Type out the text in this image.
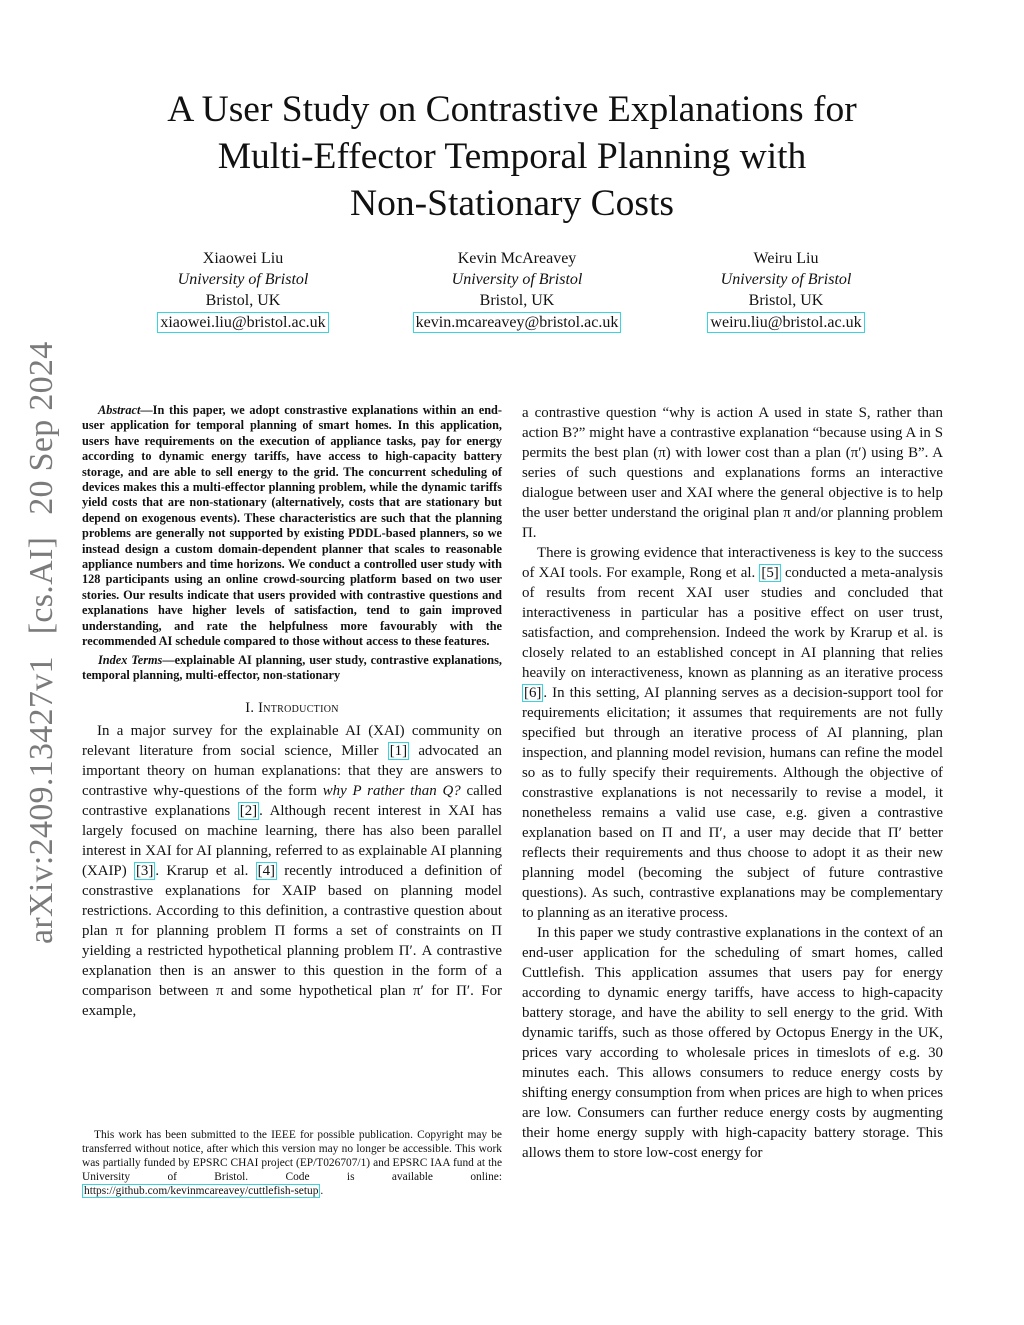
A User Study on Contrastive Explanations for
Multi-Effector Temporal Planning with
Non-Stationary Costs
Xiaowei Liu
University of Bristol
Bristol, UK
xiaowei.liu@bristol.ac.uk
Kevin McAreavey
University of Bristol
Bristol, UK
kevin.mcareavey@bristol.ac.uk
Weiru Liu
University of Bristol
Bristol, UK
weiru.liu@bristol.ac.uk
arXiv:2409.13427v1[cs.AI]20 Sep 2024	Abstract—In this paper, we adopt constrastive explanations within an end-user application for temporal planning of smart homes. In this application, users have requirements on the execution of appliance tasks, pay for energy according to dynamic energy tariffs, have access to high-capacity battery storage, and are able to sell energy to the grid. The concurrent scheduling of devices makes this a multi-effector planning problem, while the dynamic tariffs yield costs that are non-stationary (alternatively, costs that are stationary but depend on exogenous events). These characteristics are such that the planning problems are generally not supported by existing PDDL-based planners, so we instead design a custom domain-dependent planner that scales to reasonable appliance numbers and time horizons. We conduct a controlled user study with 128 participants using an online crowd-sourcing platform based on two user stories. Our results indicate that users provided with contrastive questions and explanations have higher levels of satisfaction, tend to gain improved understanding, and rate the helpfulness more favourably with the recommended AI schedule compared to those without access to these features.

Index Terms—explainable AI planning, user study, contrastive explanations, temporal planning, multi-effector, non-stationary

I. Introduction

In a major survey for the explainable AI (XAI) community on relevant literature from social science, Miller [1] advocated an important theory on human explanations: that they are answers to contrastive why-questions of the form why P rather than Q? called contrastive explanations [2] . Although recent interest in XAI has largely focused on machine learning, there has also been parallel interest in XAI for AI planning, referred to as explainable AI planning (XAIP) [3] . Krarup et al. [4] recently introduced a definition of constrastive explanations for XAIP based on planning model restrictions. According to this definition, a contrastive question about plan π for planning problem Π forms a set of constraints on Π yielding a restricted hypothetical planning problem Π′. A contrastive explanation then is an answer to this question in the form of a comparison between π and some hypothetical plan π′ for Π′. For example,

This work has been submitted to the IEEE for possible publication. Copyright may be transferred without notice, after which this version may no longer be accessible. This work was partially funded by EPSRC CHAI project (EP/T026707/1) and EPSRC IAA fund at the University of Bristol. Code is available online: https://github.com/kevinmcareavey/cuttlefish-setup .

a contrastive question “why is action A used in state S, rather than action B?” might have a contrastive explanation “because using A in S permits the best plan (π) with lower cost than a plan (π′) using B”. A series of such questions and explanations forms an interactive dialogue between user and XAI where the general objective is to help the user better understand the original plan π and/or planning problem Π.

There is growing evidence that interactiveness is key to the success of XAI tools. For example, Rong et al. [5] conducted a meta-analysis of results from recent XAI user studies and concluded that interactiveness in particular has a positive effect on user trust, satisfaction, and comprehension. Indeed the work by Krarup et al. is closely related to an established concept in AI planning that relies heavily on interactiveness, known as planning as an iterative process [6] . In this setting, AI planning serves as a decision-support tool for requirements elicitation; it assumes that requirements are not fully specified but through an iterative process of AI planning, plan inspection, and planning model revision, humans can refine the model so as to fully specify their requirements. Although the objective of constrastive explanations is not necessarily to revise a model, it nonetheless remains a valid use case, e.g. given a contrastive explanation based on Π and Π′, a user may decide that Π′ better reflects their requirements and thus choose to adopt it as their new planning model (becoming the subject of future contrastive questions). As such, contrastive explanations may be complementary to planning as an iterative process.

In this paper we study contrastive explanations in the context of an end-user application for the scheduling of smart homes, called Cuttlefish. This application assumes that users pay for energy according to dynamic energy tariffs, have access to high-capacity battery storage, and have the ability to sell energy to the grid. With dynamic tariffs, such as those offered by Octopus Energy in the UK, prices vary according to wholesale prices in timeslots of e.g. 30 minutes each. This allows consumers to reduce energy costs by shifting energy consumption from when prices are high to when prices are low. Consumers can further reduce energy costs by augmenting their home energy supply with high-capacity battery storage. This allows them to store low-cost energy for
